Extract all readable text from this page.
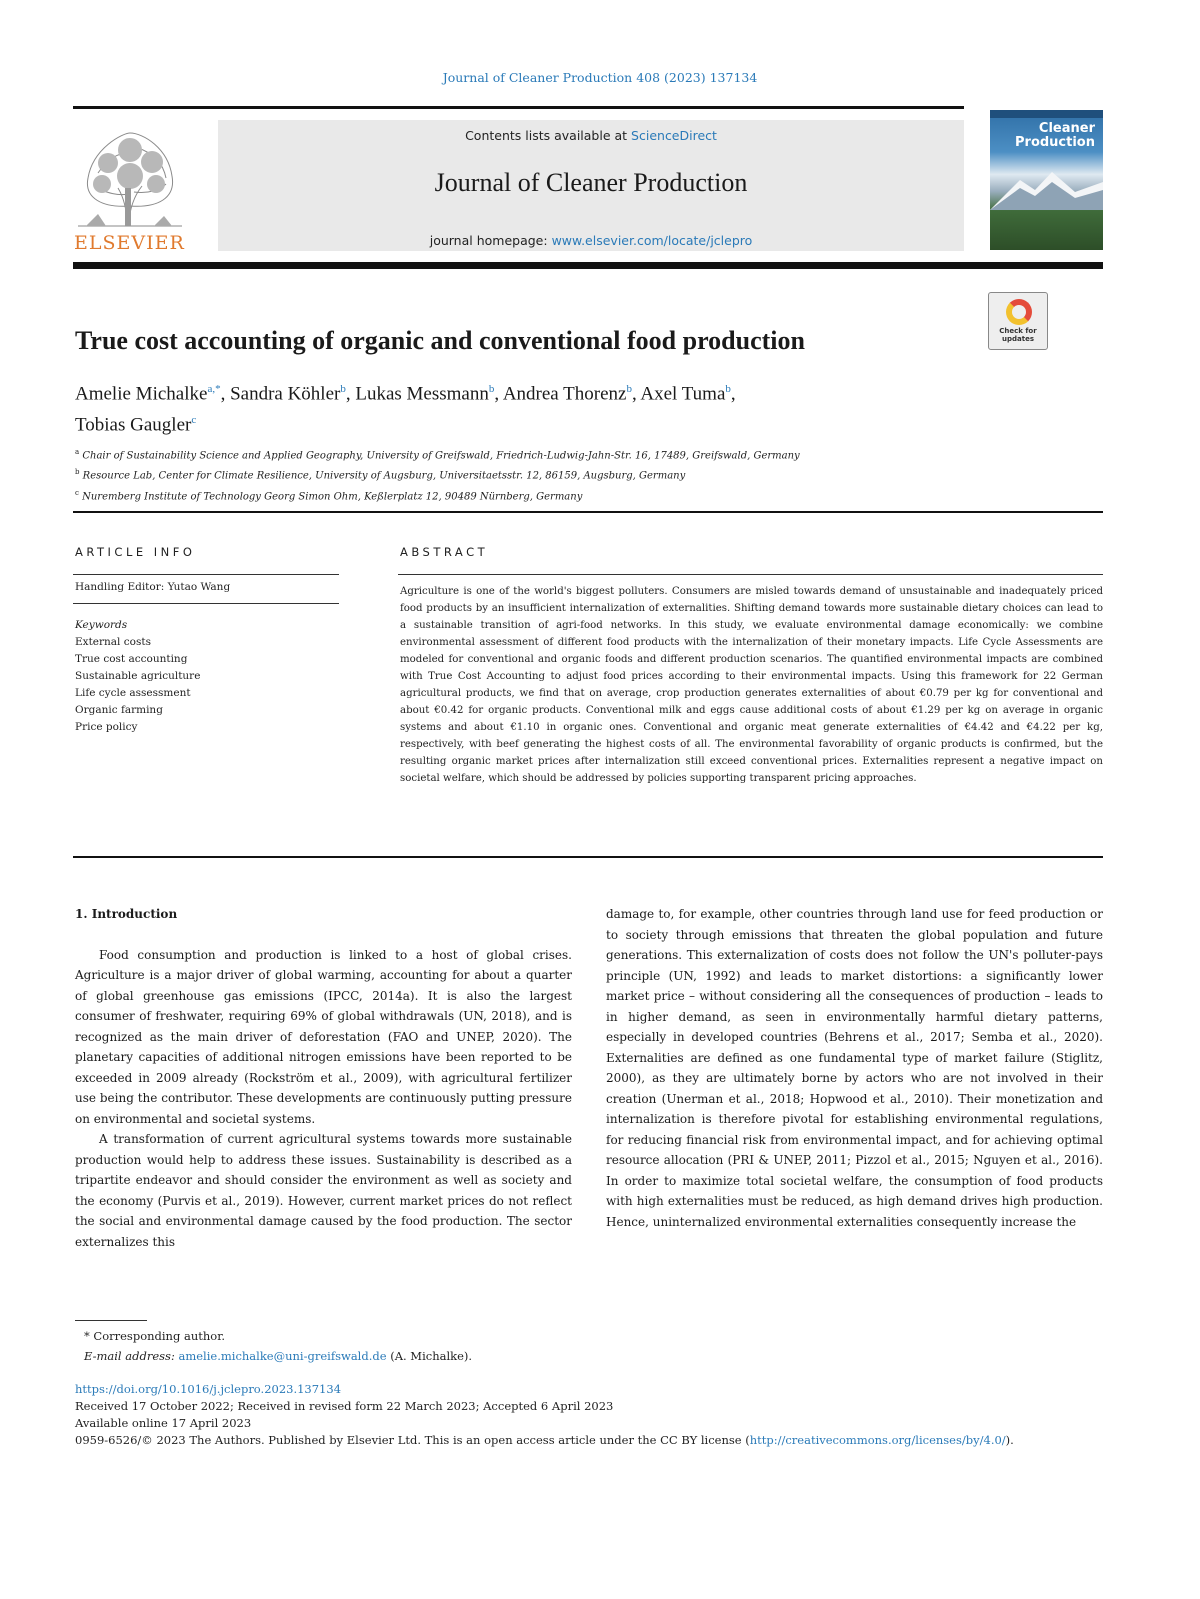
Journal of Cleaner Production 408 (2023) 137134
ELSEVIER
Contents lists available at ScienceDirect
Journal of Cleaner Production
journal homepage: www.elsevier.com/locate/jclepro
Cleaner
Production
True cost accounting of organic and conventional food production	Check for
updates
Amelie Michalke$^{a,*}$, Sandra Köhler$^b$, Lukas Messmann$^b$, Andrea Thorenz$^b$, Axel Tuma$^b$,
Tobias Gaugler$^c$
$^a$ Chair of Sustainability Science and Applied Geography, University of Greifswald, Friedrich-Ludwig-Jahn-Str. 16, 17489, Greifswald, Germany
$^b$ Resource Lab, Center for Climate Resilience, University of Augsburg, Universitaetsstr. 12, 86159, Augsburg, Germany
$^c$ Nuremberg Institute of Technology Georg Simon Ohm, Keßlerplatz 12, 90489 Nürnberg, Germany
ARTICLE INFO
Handling Editor: Yutao Wang
Keywords
External costs
True cost accounting
Sustainable agriculture
Life cycle assessment
Organic farming
Price policy
ABSTRACT
Agriculture is one of the world's biggest polluters. Consumers are misled towards demand of unsustainable and inadequately priced food products by an insufficient internalization of externalities. Shifting demand towards more sustainable dietary choices can lead to a sustainable transition of agri-food networks. In this study, we evaluate environmental damage economically: we combine environmental assessment of different food products with the internalization of their monetary impacts. Life Cycle Assessments are modeled for conventional and organic foods and different production scenarios. The quantified environmental impacts are combined with True Cost Accounting to adjust food prices according to their environmental impacts. Using this framework for 22 German agricultural products, we find that on average, crop production generates externalities of about €0.79 per kg for conventional and about €0.42 for organic products. Conventional milk and eggs cause additional costs of about €1.29 per kg on average in organic systems and about €1.10 in organic ones. Conventional and organic meat generate externalities of €4.42 and €4.22 per kg, respectively, with beef generating the highest costs of all. The environmental favorability of organic products is confirmed, but the resulting organic market prices after internalization still exceed conventional prices. Externalities represent a negative impact on societal welfare, which should be addressed by policies supporting transparent pricing approaches.
1. Introduction

Food consumption and production is linked to a host of global crises. Agriculture is a major driver of global warming, accounting for about a quarter of global greenhouse gas emissions (IPCC, 2014a). It is also the largest consumer of freshwater, requiring 69% of global withdrawals (UN, 2018), and is recognized as the main driver of deforestation (FAO and UNEP, 2020). The planetary capacities of additional nitrogen emissions have been reported to be exceeded in 2009 already (Rockström et al., 2009), with agricultural fertilizer use being the contributor. These developments are continuously putting pressure on environmental and societal systems.

A transformation of current agricultural systems towards more sustainable production would help to address these issues. Sustainability is described as a tripartite endeavor and should consider the environment as well as society and the economy (Purvis et al., 2019). However, current market prices do not reflect the social and environmental damage caused by the food production. The sector externalizes this

damage to, for example, other countries through land use for feed production or to society through emissions that threaten the global population and future generations. This externalization of costs does not follow the UN's polluter-pays principle (UN, 1992) and leads to market distortions: a significantly lower market price – without considering all the consequences of production – leads to in higher demand, as seen in environmentally harmful dietary patterns, especially in developed countries (Behrens et al., 2017; Semba et al., 2020). Externalities are defined as one fundamental type of market failure (Stiglitz, 2000), as they are ultimately borne by actors who are not involved in their creation (Unerman et al., 2018; Hopwood et al., 2010). Their monetization and internalization is therefore pivotal for establishing environmental regulations, for reducing financial risk from environmental impact, and for achieving optimal resource allocation (PRI & UNEP, 2011; Pizzol et al., 2015; Nguyen et al., 2016). In order to maximize total societal welfare, the consumption of food products with high externalities must be reduced, as high demand drives high production. Hence, uninternalized environmental externalities consequently increase the

* Corresponding author.
E-mail address: amelie.michalke@uni-greifswald.de (A. Michalke).
https://doi.org/10.1016/j.jclepro.2023.137134
Received 17 October 2022; Received in revised form 22 March 2023; Accepted 6 April 2023
Available online 17 April 2023
0959-6526/© 2023 The Authors. Published by Elsevier Ltd. This is an open access article under the CC BY license (http://creativecommons.org/licenses/by/4.0/).
